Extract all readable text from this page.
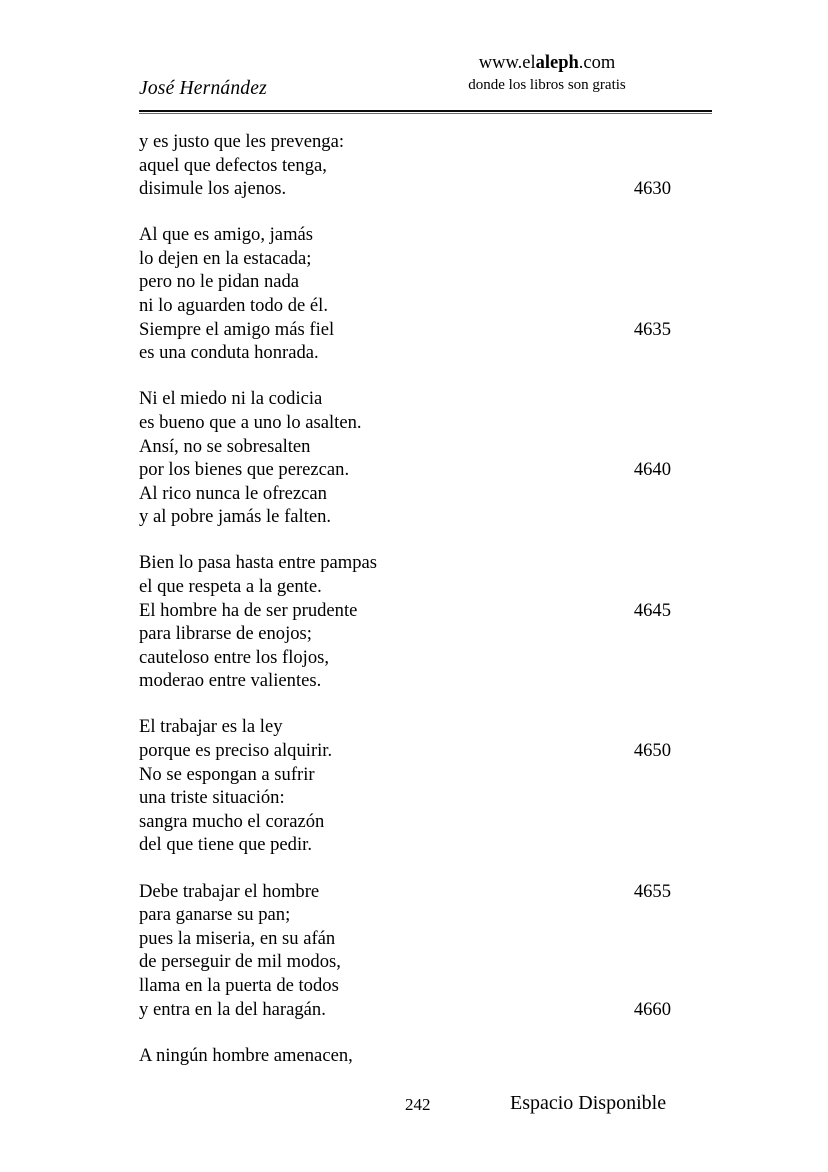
José Hernández
www.elaleph.com
donde los libros son gratis
y es justo que les prevenga:
aquel que defectos tenga,
disimule los ajenos.	4630
Al que es amigo, jamás
lo dejen en la estacada;
pero no le pidan nada
ni lo aguarden todo de él.
Siempre el amigo más fiel	4635
es una conduta honrada.
Ni el miedo ni la codicia
es bueno que a uno lo asalten.
Ansí, no se sobresalten
por los bienes que perezcan.	4640
Al rico nunca le ofrezcan
y al pobre jamás le falten.
Bien lo pasa hasta entre pampas
el que respeta a la gente.
El hombre ha de ser prudente	4645
para librarse de enojos;
cauteloso entre los flojos,
moderao entre valientes.
El trabajar es la ley
porque es preciso alquirir.	4650
No se espongan a sufrir
una triste situación:
sangra mucho el corazón
del que tiene que pedir.
Debe trabajar el hombre	4655
para ganarse su pan;
pues la miseria, en su afán
de perseguir de mil modos,
llama en la puerta de todos
y entra en la del haragán.	4660
A ningún hombre amenacen,
242	Espacio Disponible
